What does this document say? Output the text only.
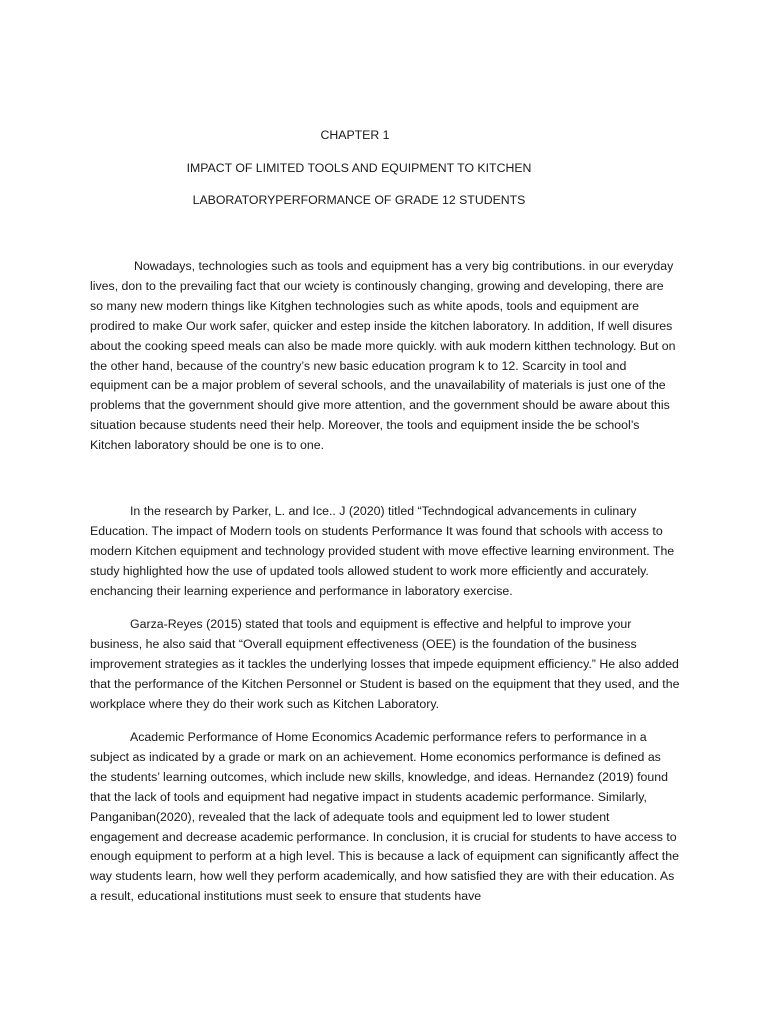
CHAPTER 1
IMPACT OF LIMITED TOOLS AND EQUIPMENT TO KITCHEN
LABORATORYPERFORMANCE OF GRADE 12 STUDENTS

Nowadays, technologies such as tools and equipment has a very big contributions. in our everyday lives, don to the prevailing fact that our wciety is continously changing, growing and developing, there are so many new modern things like Kitghen technologies such as white apods, tools and equipment are prodired to make Our work safer, quicker and estep inside the kitchen laboratory. In addition, If well disures about the cooking speed meals can also be made more quickly. with auk modern kitthen technology. But on the other hand, because of the country’s new basic education program k to 12. Scarcity in tool and equipment can be a major problem of several schools, and the unavailability of materials is just one of the problems that the government should give more attention, and the government should be aware about this situation because students need their help. Moreover, the tools and equipment inside the be school’s Kitchen laboratory should be one is to one.

In the research by Parker, L. and Ice.. J (2020) titled “Techndogical advancements in culinary Education. The impact of Modern tools on students Performance It was found that schools with access to modern Kitchen equipment and technology provided student with move effective learning environment. The study highlighted how the use of updated tools allowed student to work more efficiently and accurately. enchancing their learning experience and performance in laboratory exercise.

Garza-Reyes (2015) stated that tools and equipment is effective and helpful to improve your business, he also said that “Overall equipment effectiveness (OEE) is the foundation of the business improvement strategies as it tackles the underlying losses that impede equipment efficiency.” He also added that the performance of the Kitchen Personnel or Student is based on the equipment that they used, and the workplace where they do their work such as Kitchen Laboratory.

Academic Performance of Home Economics Academic performance refers to performance in a subject as indicated by a grade or mark on an achievement. Home economics performance is defined as the students’ learning outcomes, which include new skills, knowledge, and ideas. Hernandez (2019) found that the lack of tools and equipment had negative impact in students academic performance. Similarly, Panganiban(2020), revealed that the lack of adequate tools and equipment led to lower student engagement and decrease academic performance. In conclusion, it is crucial for students to have access to enough equipment to perform at a high level. This is because a lack of equipment can significantly affect the way students learn, how well they perform academically, and how satisfied they are with their education. As a result, educational institutions must seek to ensure that students have
